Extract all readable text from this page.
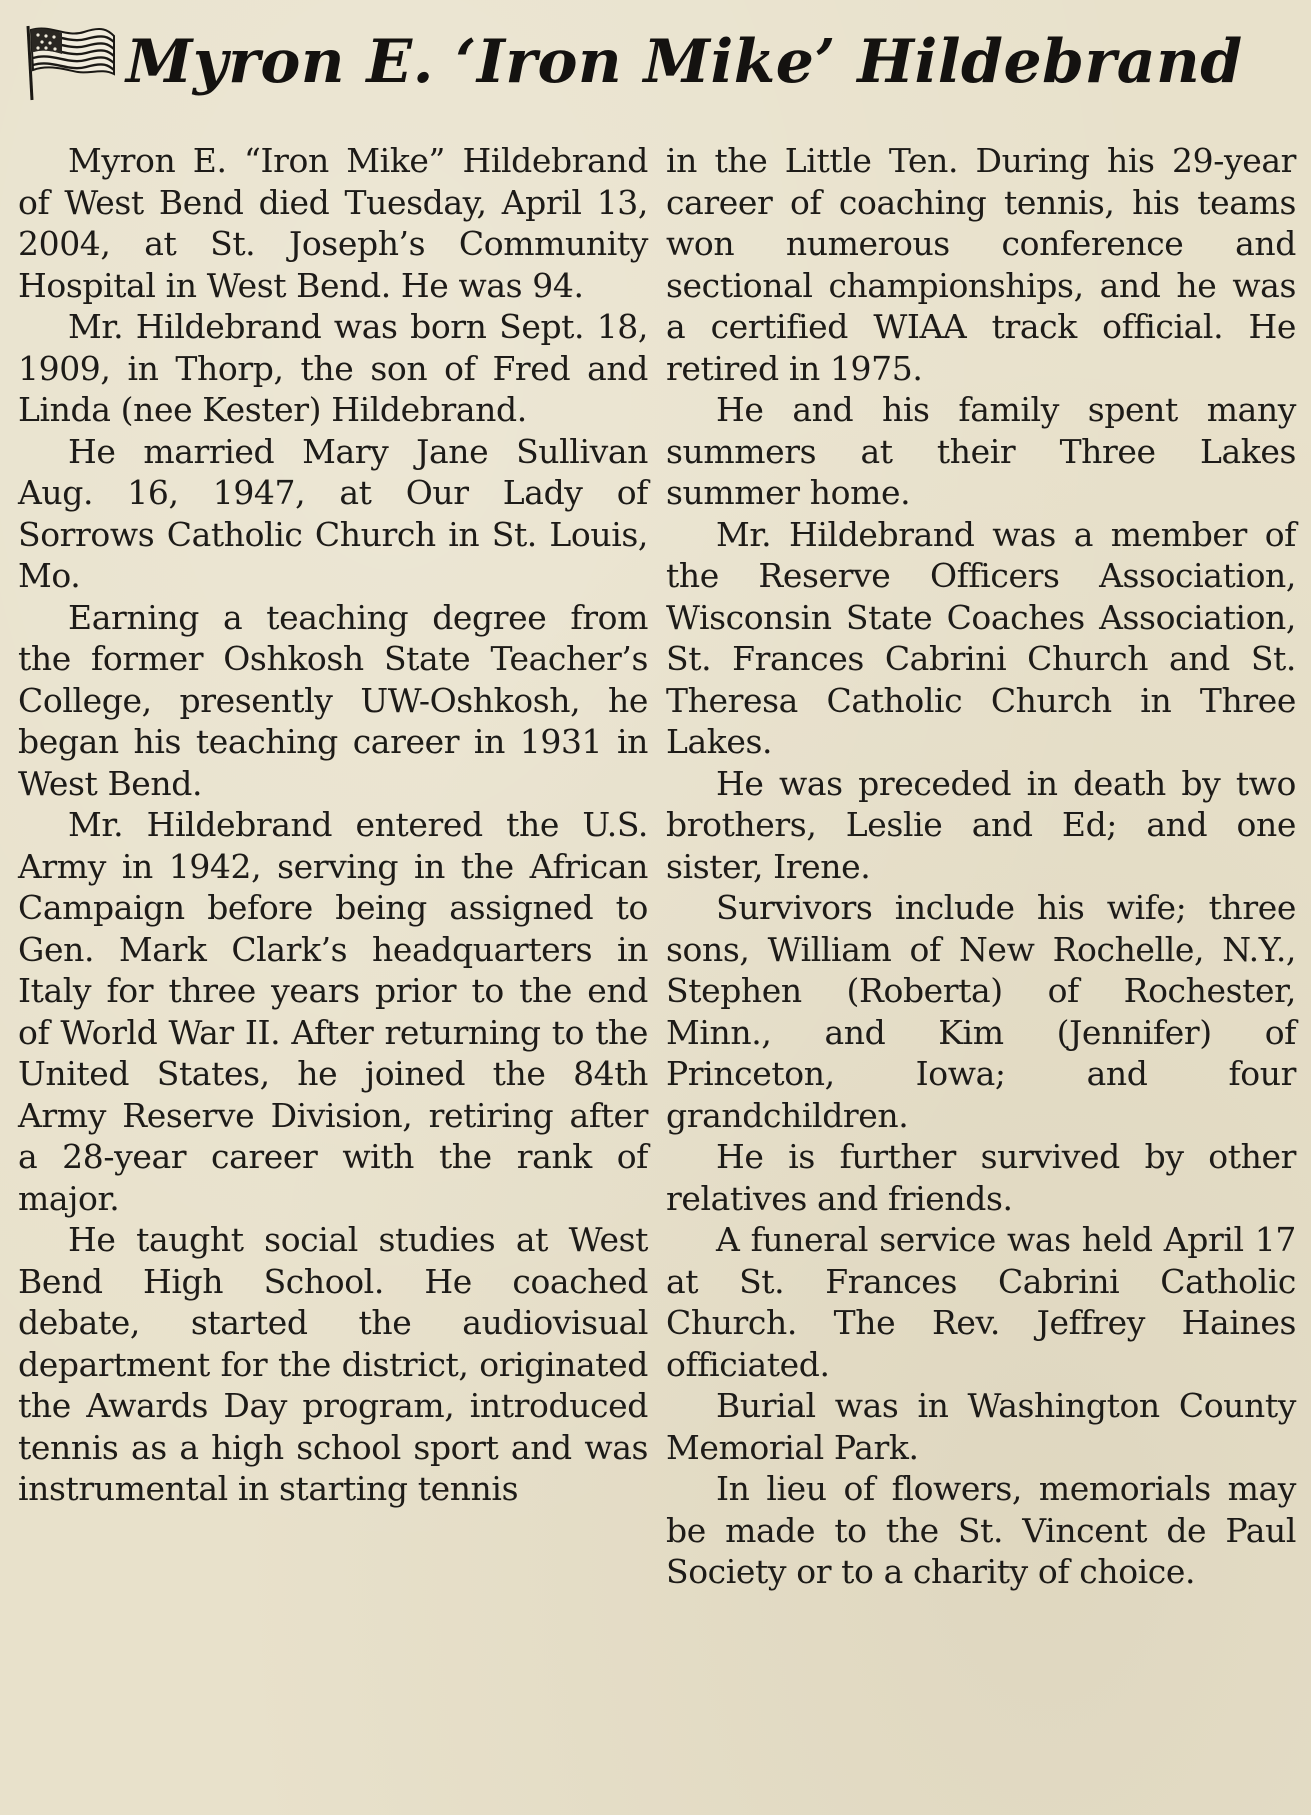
Myron E. ‘Iron Mike’ Hildebrand

Myron E. “Iron Mike” Hildebrand of West Bend died Tuesday, April 13, 2004, at St. Joseph’s Community Hospital in West Bend. He was 94.

Mr. Hildebrand was born Sept. 18, 1909, in Thorp, the son of Fred and Linda (nee Kester) Hildebrand.

He married Mary Jane Sullivan Aug. 16, 1947, at Our Lady of Sorrows Catholic Church in St. Louis, Mo.

Earning a teaching degree from the former Oshkosh State Teacher’s College, presently UW-Oshkosh, he began his teaching career in 1931 in West Bend.

Mr. Hildebrand entered the U.S. Army in 1942, serving in the African Campaign before being assigned to Gen. Mark Clark’s headquarters in Italy for three years prior to the end of World War II. After returning to the United States, he joined the 84th Army Reserve Division, retiring after a 28-year career with the rank of major.

He taught social studies at West Bend High School. He coached debate, started the audiovisual department for the district, originated the Awards Day program, introduced tennis as a high school sport and was instrumental in starting tennis

in the Little Ten. During his 29-year career of coaching tennis, his teams won numerous conference and sectional championships, and he was a certified WIAA track official. He retired in 1975.

He and his family spent many summers at their Three Lakes summer home.

Mr. Hildebrand was a member of the Reserve Officers Association, Wisconsin State Coaches Association, St. Frances Cabrini Church and St. Theresa Catholic Church in Three Lakes.

He was preceded in death by two brothers, Leslie and Ed; and one sister, Irene.

Survivors include his wife; three sons, William of New Rochelle, N.Y., Stephen (Roberta) of Rochester, Minn., and Kim (Jennifer) of Princeton, Iowa; and four grandchildren.

He is further survived by other relatives and friends.

A funeral service was held April 17 at St. Frances Cabrini Catholic Church. The Rev. Jeffrey Haines officiated.

Burial was in Washington County Memorial Park.

In lieu of flowers, memorials may be made to the St. Vincent de Paul Society or to a charity of choice.
